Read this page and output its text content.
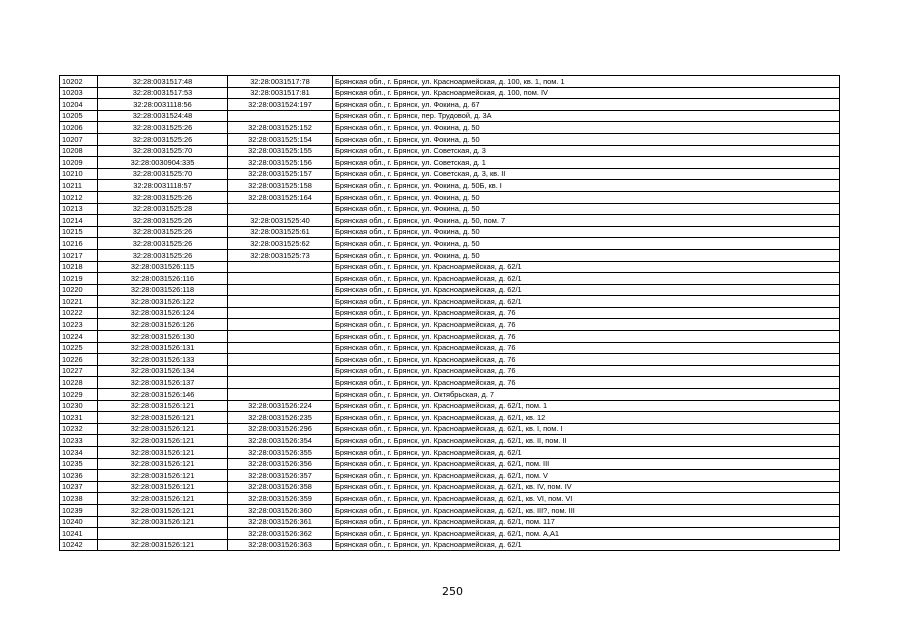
10202	32:28:0031517:48	32:28:0031517:78	Брянская обл., г. Брянск, ул. Красноармейская, д. 100, кв. 1, пом. 1
10203	32:28:0031517:53	32:28:0031517:81	Брянская обл., г. Брянск, ул. Красноармейская, д. 100, пом. IV
10204	32:28:0031118:56	32:28:0031524:197	Брянская обл., г. Брянск, ул. Фокина, д. 67
10205	32:28:0031524:48		Брянская обл., г. Брянск, пер. Трудовой, д. 3А
10206	32:28:0031525:26	32:28:0031525:152	Брянская обл., г. Брянск, ул. Фокина, д. 50
10207	32:28:0031525:26	32:28:0031525:154	Брянская обл., г. Брянск, ул. Фокина, д. 50
10208	32:28:0031525:70	32:28:0031525:155	Брянская обл., г. Брянск, ул. Советская, д. 3
10209	32:28:0030904:335	32:28:0031525:156	Брянская обл., г. Брянск, ул. Советская, д. 1
10210	32:28:0031525:70	32:28:0031525:157	Брянская обл., г. Брянск, ул. Советская, д. 3, кв. II
10211	32:28:0031118:57	32:28:0031525:158	Брянская обл., г. Брянск, ул. Фокина, д. 50Б, кв. I
10212	32:28:0031525:26	32:28:0031525:164	Брянская обл., г. Брянск, ул. Фокина, д. 50
10213	32:28:0031525:28		Брянская обл., г. Брянск, ул. Фокина, д. 50
10214	32:28:0031525:26	32:28:0031525:40	Брянская обл., г. Брянск, ул. Фокина, д. 50, пом. 7
10215	32:28:0031525:26	32:28:0031525:61	Брянская обл., г. Брянск, ул. Фокина, д. 50
10216	32:28:0031525:26	32:28:0031525:62	Брянская обл., г. Брянск, ул. Фокина, д. 50
10217	32:28:0031525:26	32:28:0031525:73	Брянская обл., г. Брянск, ул. Фокина, д. 50
10218	32:28:0031526:115		Брянская обл., г. Брянск, ул. Красноармейская, д. 62/1
10219	32:28:0031526:116		Брянская обл., г. Брянск, ул. Красноармейская, д. 62/1
10220	32:28:0031526:118		Брянская обл., г. Брянск, ул. Красноармейская, д. 62/1
10221	32:28:0031526:122		Брянская обл., г. Брянск, ул. Красноармейская, д. 62/1
10222	32:28:0031526:124		Брянская обл., г. Брянск, ул. Красноармейская, д. 76
10223	32:28:0031526:126		Брянская обл., г. Брянск, ул. Красноармейская, д. 76
10224	32:28:0031526:130		Брянская обл., г. Брянск, ул. Красноармейская, д. 76
10225	32:28:0031526:131		Брянская обл., г. Брянск, ул. Красноармейская, д. 76
10226	32:28:0031526:133		Брянская обл., г. Брянск, ул. Красноармейская, д. 76
10227	32:28:0031526:134		Брянская обл., г. Брянск, ул. Красноармейская, д. 76
10228	32:28:0031526:137		Брянская обл., г. Брянск, ул. Красноармейская, д. 76
10229	32:28:0031526:146		Брянская обл., г. Брянск, ул. Октябрьская, д. 7
10230	32:28:0031526:121	32:28:0031526:224	Брянская обл., г. Брянск, ул. Красноармейская, д. 62/1, пом. 1
10231	32:28:0031526:121	32:28:0031526:235	Брянская обл., г. Брянск, ул. Красноармейская, д. 62/1, кв. 12
10232	32:28:0031526:121	32:28:0031526:296	Брянская обл., г. Брянск, ул. Красноармейская, д. 62/1, кв. I, пом. I
10233	32:28:0031526:121	32:28:0031526:354	Брянская обл., г. Брянск, ул. Красноармейская, д. 62/1, кв. II, пом. II
10234	32:28:0031526:121	32:28:0031526:355	Брянская обл., г. Брянск, ул. Красноармейская, д. 62/1
10235	32:28:0031526:121	32:28:0031526:356	Брянская обл., г. Брянск, ул. Красноармейская, д. 62/1, пом. III
10236	32:28:0031526:121	32:28:0031526:357	Брянская обл., г. Брянск, ул. Красноармейская, д. 62/1, пом. V
10237	32:28:0031526:121	32:28:0031526:358	Брянская обл., г. Брянск, ул. Красноармейская, д. 62/1, кв. IV, пом. IV
10238	32:28:0031526:121	32:28:0031526:359	Брянская обл., г. Брянск, ул. Красноармейская, д. 62/1, кв. VI, пом. VI
10239	32:28:0031526:121	32:28:0031526:360	Брянская обл., г. Брянск, ул. Красноармейская, д. 62/1, кв. III?, пом. III
10240	32:28:0031526:121	32:28:0031526:361	Брянская обл., г. Брянск, ул. Красноармейская, д. 62/1, пом. 117
10241		32:28:0031526:362	Брянская обл., г. Брянск, ул. Красноармейская, д. 62/1, пом. А,А1
10242	32:28:0031526:121	32:28:0031526:363	Брянская обл., г. Брянск, ул. Красноармейская, д. 62/1
250
